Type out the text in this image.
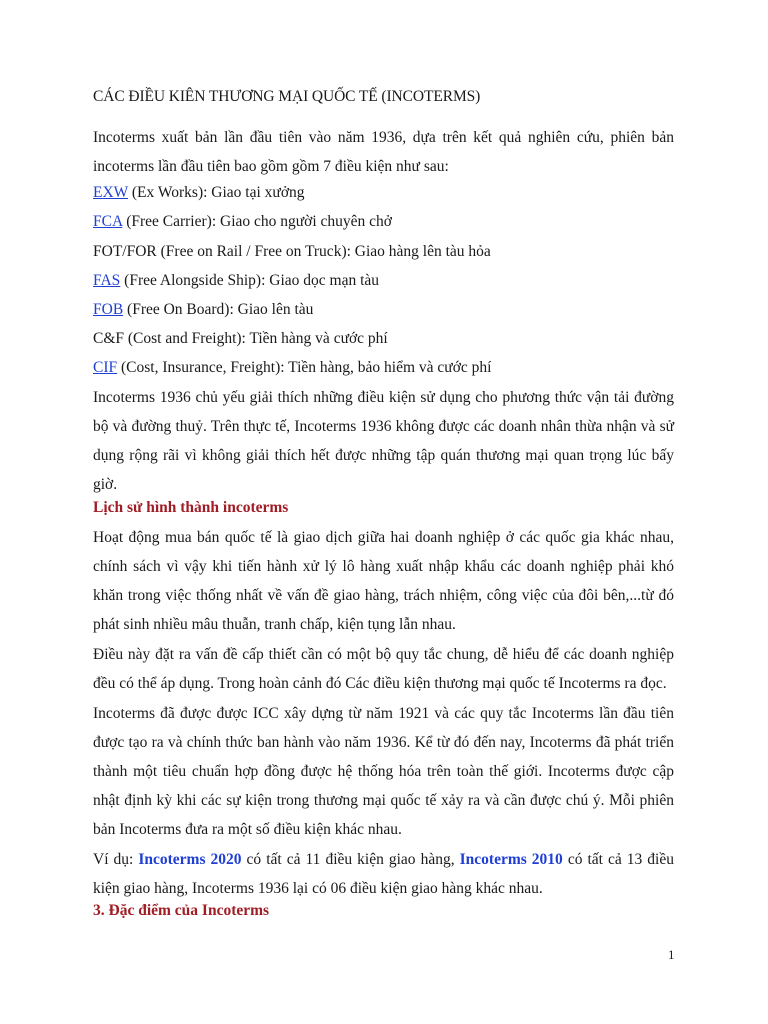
CÁC ĐIỀU KIÊN THƯƠNG MẠI QUỐC TẾ (INCOTERMS)
Incoterms xuất bản lần đầu tiên vào năm 1936, dựa trên kết quả nghiên cứu, phiên bản incoterms lần đầu tiên bao gồm gồm 7 điều kiện như sau:
EXW (Ex Works): Giao tại xưởng
FCA (Free Carrier): Giao cho người chuyên chở
FOT/FOR (Free on Rail / Free on Truck): Giao hàng lên tàu hỏa
FAS (Free Alongside Ship): Giao dọc mạn tàu
FOB (Free On Board): Giao lên tàu
C&F (Cost and Freight): Tiền hàng và cước phí
CIF (Cost, Insurance, Freight): Tiền hàng, bảo hiểm và cước phí
Incoterms 1936 chủ yếu giải thích những điều kiện sử dụng cho phương thức vận tải đường bộ và đường thuỷ. Trên thực tế, Incoterms 1936 không được các doanh nhân thừa nhận và sử dụng rộng rãi vì không giải thích hết được những tập quán thương mại quan trọng lúc bấy giờ.
Lịch sử hình thành incoterms
Hoạt động mua bán quốc tế là giao dịch giữa hai doanh nghiệp ở các quốc gia khác nhau, chính sách vì vậy khi tiến hành xử lý lô hàng xuất nhập khẩu các doanh nghiệp phải khó khăn trong việc thống nhất về vấn đề giao hàng, trách nhiệm, công việc của đôi bên,...từ đó phát sinh nhiều mâu thuẫn, tranh chấp, kiện tụng lẫn nhau.
Điều này đặt ra vấn đề cấp thiết cần có một bộ quy tắc chung, dễ hiểu để các doanh nghiệp đều có thể áp dụng. Trong hoàn cảnh đó Các điều kiện thương mại quốc tế Incoterms ra đọc.
Incoterms đã được được ICC xây dựng từ năm 1921 và các quy tắc Incoterms lần đầu tiên được tạo ra và chính thức ban hành vào năm 1936. Kể từ đó đến nay, Incoterms đã phát triển thành một tiêu chuẩn hợp đồng được hệ thống hóa trên toàn thế giới. Incoterms được cập nhật định kỳ khi các sự kiện trong thương mại quốc tế xảy ra và cần được chú ý. Mỗi phiên bản Incoterms đưa ra một số điều kiện khác nhau.
Ví dụ: Incoterms 2020 có tất cả 11 điều kiện giao hàng, Incoterms 2010 có tất cả 13 điều kiện giao hàng, Incoterms 1936 lại có 06 điều kiện giao hàng khác nhau.
3. Đặc điểm của Incoterms
1
